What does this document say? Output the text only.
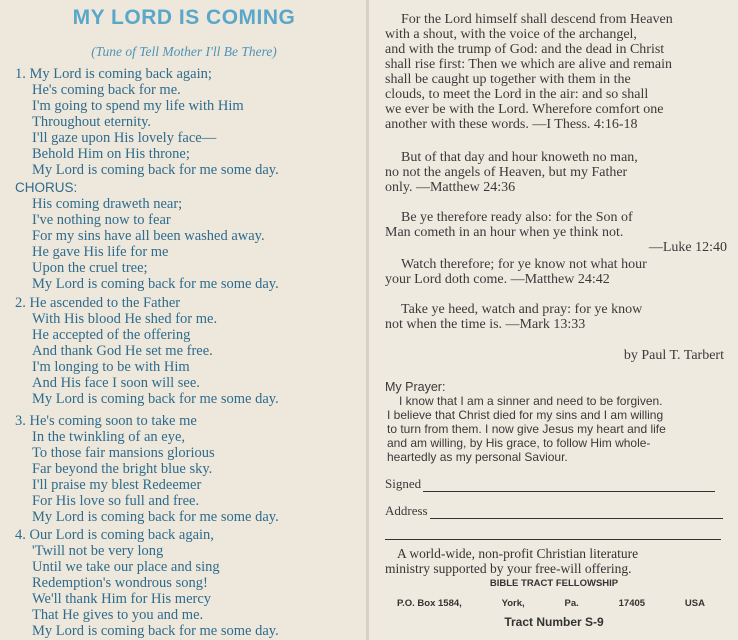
MY LORD IS COMING
(Tune of Tell Mother I'll Be There)
1. My Lord is coming back again;
He's coming back for me.
I'm going to spend my life with Him
Throughout eternity.
I'll gaze upon His lovely face—
Behold Him on His throne;
My Lord is coming back for me some day.
CHORUS:
His coming draweth near;
I've nothing now to fear
For my sins have all been washed away.
He gave His life for me
Upon the cruel tree;
My Lord is coming back for me some day.
2. He ascended to the Father
With His blood He shed for me.
He accepted of the offering
And thank God He set me free.
I'm longing to be with Him
And His face I soon will see.
My Lord is coming back for me some day.
3. He's coming soon to take me
In the twinkling of an eye,
To those fair mansions glorious
Far beyond the bright blue sky.
I'll praise my blest Redeemer
For His love so full and free.
My Lord is coming back for me some day.
4. Our Lord is coming back again,
'Twill not be very long
Until we take our place and sing
Redemption's wondrous song!
We'll thank Him for His mercy
That He gives to you and me.
My Lord is coming back for me some day.
For the Lord himself shall descend from Heaven
with a shout, with the voice of the archangel,
and with the trump of God: and the dead in Christ
shall rise first: Then we which are alive and remain
shall be caught up together with them in the
clouds, to meet the Lord in the air: and so shall
we ever be with the Lord. Wherefore comfort one
another with these words. —I Thess. 4:16-18
But of that day and hour knoweth no man,
no not the angels of Heaven, but my Father
only. —Matthew 24:36
Be ye therefore ready also: for the Son of
Man cometh in an hour when ye think not.
—Luke 12:40
Watch therefore; for ye know not what hour
your Lord doth come. —Matthew 24:42
Take ye heed, watch and pray: for ye know
not when the time is. —Mark 13:33
by Paul T. Tarbert
My Prayer:
I know that I am a sinner and need to be forgiven.
I believe that Christ died for my sins and I am willing
to turn from them. I now give Jesus my heart and life
and am willing, by His grace, to follow Him whole-
heartedly as my personal Saviour.
Signed
Address
A world-wide, non-profit Christian literature
ministry supported by your free-will offering.
BIBLE TRACT FELLOWSHIP
P.O. Box 1584,	York,	Pa.	17405	USA
Tract Number S-9
